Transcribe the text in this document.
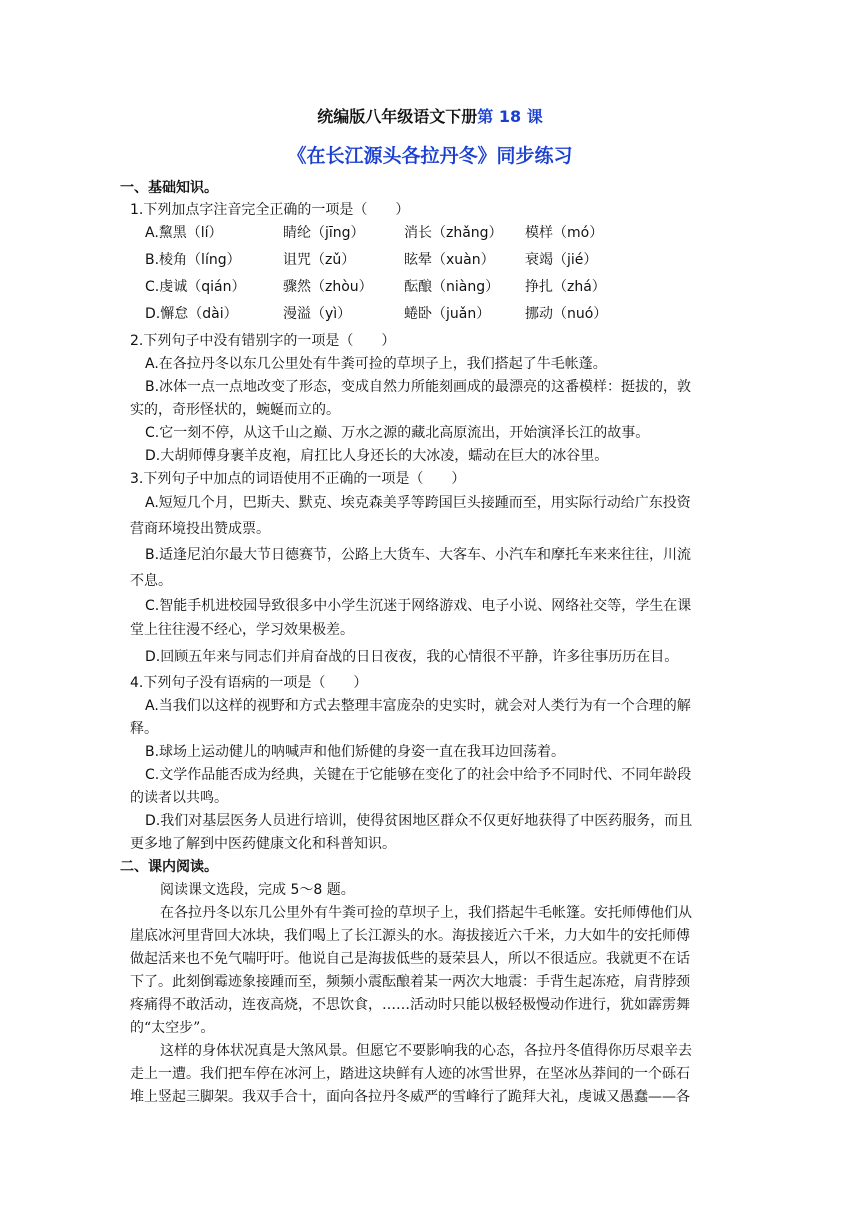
统编版八年级语文下册第 18 课
《在长江源头各拉丹冬》同步练习
一、基础知识。
1.下列加点字注音完全正确的一项是（　　）
A.黧黑（lí）	睛纶（jīng）	消长（zhǎng） 模样（mó）
B.棱角（líng）	诅咒（zǔ）	眩晕（xuàn） 衰竭（jié）
C.虔诚（qián）	骤然（zhòu） 酝酿（niàng） 挣扎（zhá）
D.懈怠（dài）	漫溢（yì）	蜷卧（juǎn） 挪动（nuó）
2.下列句子中没有错别字的一项是（　　）
A.在各拉丹冬以东几公里处有牛粪可捡的草坝子上，我们搭起了牛毛帐蓬。
B.冰体一点一点地改变了形态，变成自然力所能刻画成的最漂亮的这番模样：挺拔的，敦
实的，奇形怪状的，蜿蜒而立的。
C.它一刻不停，从这千山之巅、万水之源的藏北高原流出，开始演泽长江的故事。
D.大胡师傅身裹羊皮袍，肩扛比人身还长的大冰凌，蠕动在巨大的冰谷里。
3.下列句子中加点的词语使用不正确的一项是（　　）
A.短短几个月，巴斯夫、默克、埃克森美孚等跨国巨头接踵而至，用实际行动给广东投资
营商环境投出赞成票。
B.适逢尼泊尔最大节日德赛节，公路上大货车、大客车、小汽车和摩托车来来往往，川流
不息。
C.智能手机进校园导致很多中小学生沉迷于网络游戏、电子小说、网络社交等，学生在课
堂上往往漫不经心，学习效果极差。
D.回顾五年来与同志们并肩奋战的日日夜夜，我的心情很不平静，许多往事历历在目。
4.下列句子没有语病的一项是（　　）
A.当我们以这样的视野和方式去整理丰富庞杂的史实时，就会对人类行为有一个合理的解
释。
B.球场上运动健儿的呐喊声和他们矫健的身姿一直在我耳边回荡着。
C.文学作品能否成为经典，关键在于它能够在变化了的社会中给予不同时代、不同年龄段
的读者以共鸣。
D.我们对基层医务人员进行培训，使得贫困地区群众不仅更好地获得了中医药服务，而且
更多地了解到中医药健康文化和科普知识。
二、课内阅读。
阅读课文选段，完成 5～8 题。
在各拉丹冬以东几公里外有牛粪可捡的草坝子上，我们搭起牛毛帐篷。安托师傅他们从
崖底冰河里背回大冰块，我们喝上了长江源头的水。海拔接近六千米，力大如牛的安托师傅
做起活来也不免气喘吁吁。他说自己是海拔低些的聂荣县人，所以不很适应。我就更不在话
下了。此刻倒霉迹象接踵而至，频频小震酝酿着某一两次大地震：手背生起冻疮，肩背脖颈
疼痛得不敢活动，连夜高烧，不思饮食，……活动时只能以极轻极慢动作进行，犹如霹雳舞
的“太空步”。
这样的身体状况真是大煞风景。但愿它不要影响我的心态，各拉丹冬值得你历尽艰辛去
走上一遭。我们把车停在冰河上，踏进这块鲜有人迹的冰雪世界，在坚冰丛莽间的一个砾石
堆上竖起三脚架。我双手合十，面向各拉丹冬威严的雪峰行了跪拜大礼，虔诚又愚蠢——各
